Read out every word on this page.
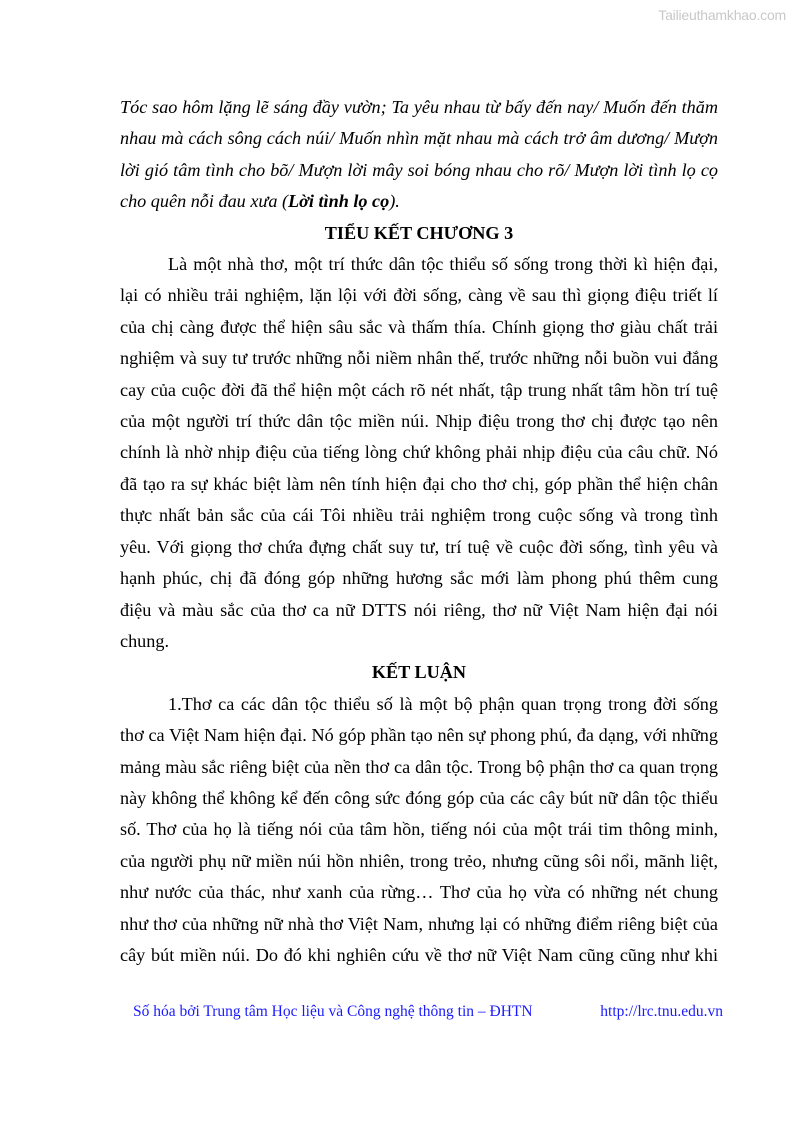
Tailieuthamkhao.com
Tóc sao hôm lặng lẽ sáng đầy vườn; Ta yêu nhau từ bấy đến nay/ Muốn đến thăm
nhau mà cách sông cách núi/ Muốn nhìn mặt nhau mà cách trở âm dương/ Mượn
lời gió tâm tình cho bõ/ Mượn lời mây soi bóng nhau cho rõ/ Mượn lời tình lọ cọ
cho quên nỗi đau xưa (Lời tình lọ cọ).
TIỂU KẾT CHƯƠNG 3
Là một nhà thơ, một trí thức dân tộc thiểu số sống trong thời kì hiện đại,
lại có nhiều trải nghiệm, lặn lội với đời sống, càng về sau thì giọng điệu triết lí
của chị càng được thể hiện sâu sắc và thấm thía. Chính giọng thơ giàu chất trải
nghiệm và suy tư trước những nỗi niềm nhân thế, trước những nỗi buồn vui đắng
cay của cuộc đời đã thể hiện một cách rõ nét nhất, tập trung nhất tâm hồn trí tuệ
của một người trí thức dân tộc miền núi. Nhịp điệu trong thơ chị được tạo nên
chính là nhờ nhịp điệu của tiếng lòng chứ không phải nhịp điệu của câu chữ. Nó
đã tạo ra sự khác biệt làm nên tính hiện đại cho thơ chị, góp phần thể hiện chân
thực nhất bản sắc của cái Tôi nhiều trải nghiệm trong cuộc sống và trong tình
yêu. Với giọng thơ chứa đựng chất suy tư, trí tuệ về cuộc đời sống, tình yêu và
hạnh phúc, chị đã đóng góp những hương sắc mới làm phong phú thêm cung
điệu và màu sắc của thơ ca nữ DTTS nói riêng, thơ nữ Việt Nam hiện đại nói
chung.
KẾT LUẬN
1.Thơ ca các dân tộc thiểu số là một bộ phận quan trọng trong đời sống
thơ ca Việt Nam hiện đại. Nó góp phần tạo nên sự phong phú, đa dạng, với những
mảng màu sắc riêng biệt của nền thơ ca dân tộc. Trong bộ phận thơ ca quan trọng
này không thể không kể đến công sức đóng góp của các cây bút nữ dân tộc thiểu
số. Thơ của họ là tiếng nói của tâm hồn, tiếng nói của một trái tim thông minh,
của người phụ nữ miền núi hồn nhiên, trong trẻo, nhưng cũng sôi nổi, mãnh liệt,
như nước của thác, như xanh của rừng… Thơ của họ vừa có những nét chung
như thơ của những nữ nhà thơ Việt Nam, nhưng lại có những điểm riêng biệt của
cây bút miền núi. Do đó khi nghiên cứu về thơ nữ Việt Nam cũng cũng như khi
Số hóa bởi Trung tâm Học liệu và Công nghệ thông tin – ĐHTN	http://lrc.tnu.edu.vn
